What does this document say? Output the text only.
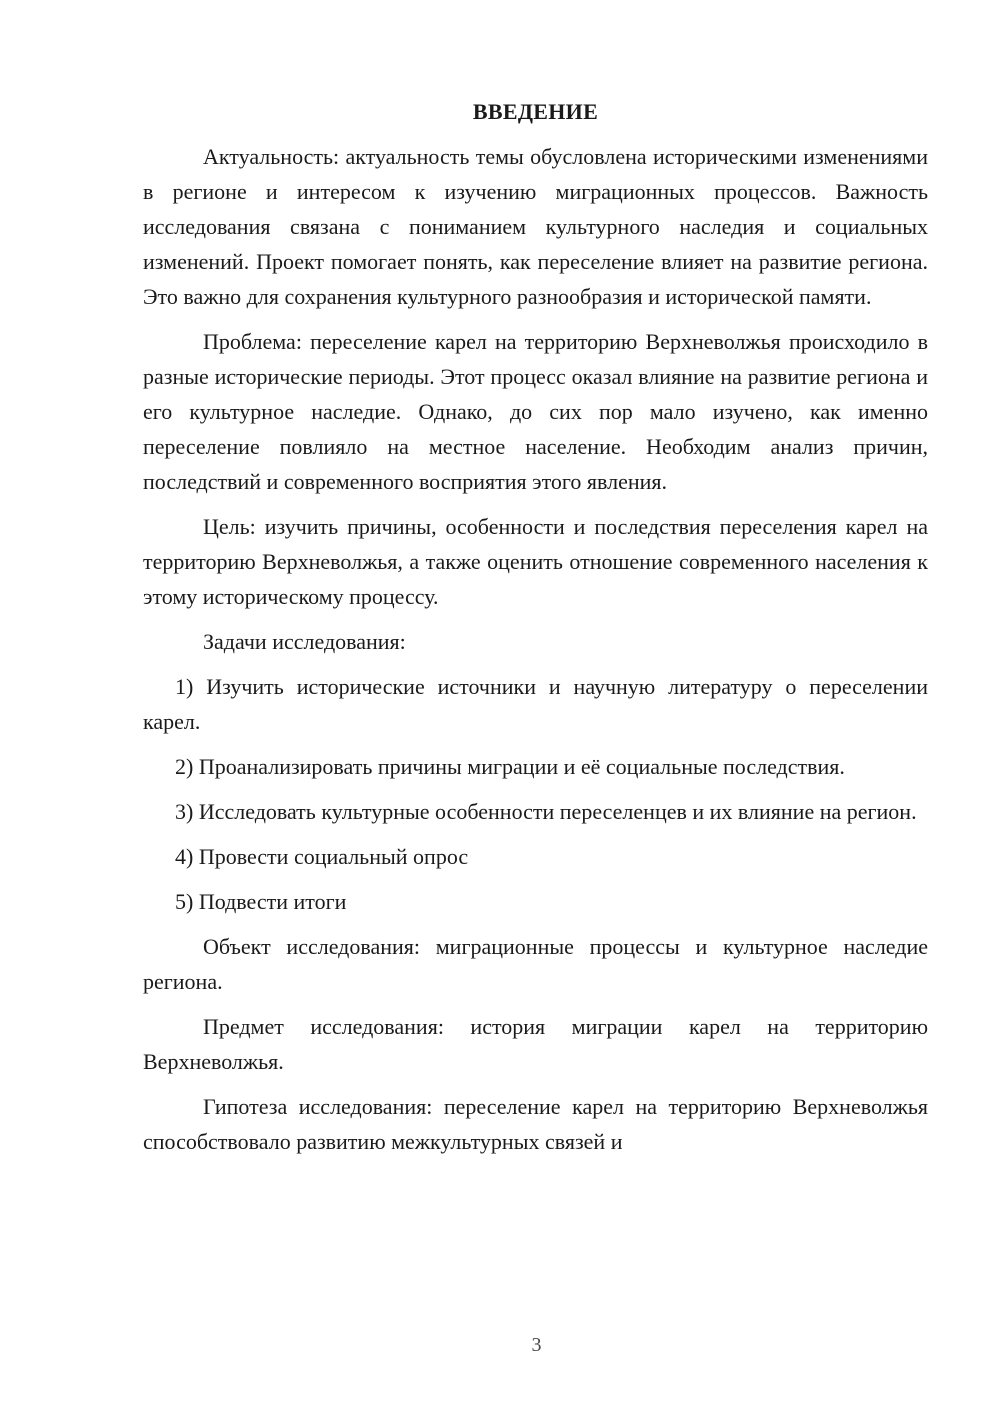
ВВЕДЕНИЕ

Актуальность: актуальность темы обусловлена историческими изменениями в регионе и интересом к изучению миграционных процессов. Важность исследования связана с пониманием культурного наследия и социальных изменений. Проект помогает понять, как переселение влияет на развитие региона. Это важно для сохранения культурного разнообразия и исторической памяти.

Проблема: переселение карел на территорию Верхневолжья происходило в разные исторические периоды. Этот процесс оказал влияние на развитие региона и его культурное наследие. Однако, до сих пор мало изучено, как именно переселение повлияло на местное население. Необходим анализ причин, последствий и современного восприятия этого явления.

Цель: изучить причины, особенности и последствия переселения карел на территорию Верхневолжья, а также оценить отношение современного населения к этому историческому процессу.

Задачи исследования:

1) Изучить исторические источники и научную литературу о переселении карел.

2) Проанализировать причины миграции и её социальные последствия.

3) Исследовать культурные особенности переселенцев и их влияние на регион.

4) Провести социальный опрос

5) Подвести итоги

Объект исследования: миграционные процессы и культурное наследие региона.

Предмет исследования: история миграции карел на территорию Верхневолжья.

Гипотеза исследования: переселение карел на территорию Верхневолжья способствовало развитию межкультурных связей и

3
